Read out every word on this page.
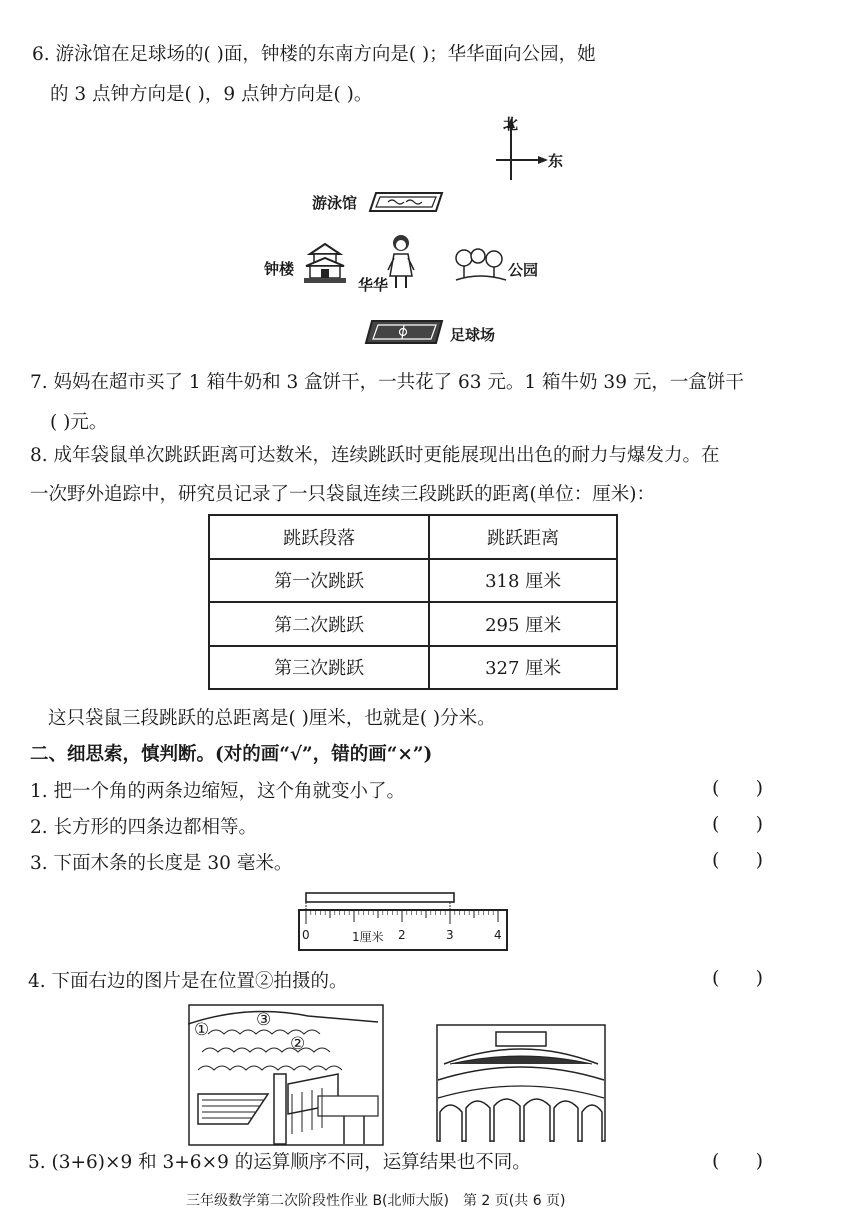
6. 游泳馆在足球场的( )面，钟楼的东南方向是( )；华华面向公园，她
的 3 点钟方向是( )，9 点钟方向是( )。
北
东
游泳馆
钟楼
华华
公园
足球场
7. 妈妈在超市买了 1 箱牛奶和 3 盒饼干，一共花了 63 元。1 箱牛奶 39 元，一盒饼干
( )元。
8. 成年袋鼠单次跳跃距离可达数米，连续跳跃时更能展现出出色的耐力与爆发力。在
一次野外追踪中，研究员记录了一只袋鼠连续三段跳跃的距离(单位：厘米)：
跳跃段落	跳跃距离
第一次跳跃	318 厘米
第二次跳跃	295 厘米
第三次跳跃	327 厘米
这只袋鼠三段跳跃的总距离是( )厘米，也就是( )分米。
二、细思索，慎判断。(对的画“√”，错的画“×”)
1. 把一个角的两条边缩短，这个角就变小了。	(      )
2. 长方形的四条边都相等。	(      )
3. 下面木条的长度是 30 毫米。	(      )
0	1厘米 2	3	4
4. 下面右边的图片是在位置②拍摄的。	(      )
①
②
③
5. (3+6)×9 和 3+6×9 的运算顺序不同，运算结果也不同。	(      )
三年级数学第二次阶段性作业 B(北师大版)　第 2 页(共 6 页)
